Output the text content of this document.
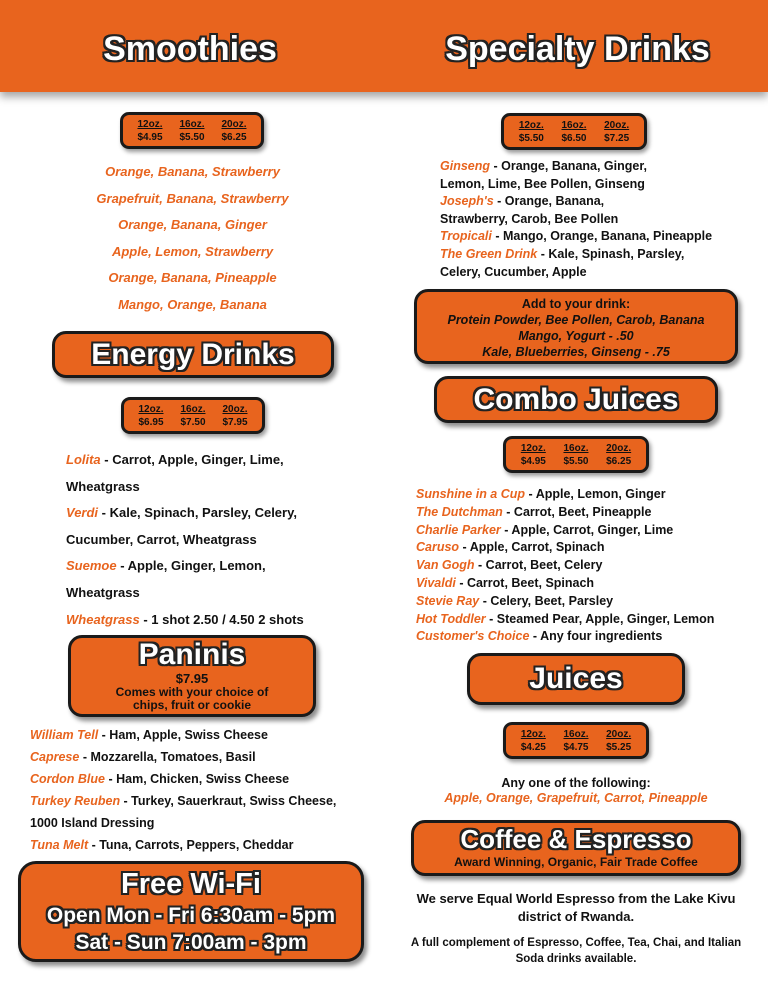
Smoothies	Specialty Drinks
12oz.
$4.95
16oz.
$5.50
20oz.
$6.25
Orange, Banana, Strawberry
Grapefruit, Banana, Strawberry
Orange, Banana, Ginger
Apple, Lemon, Strawberry
Orange, Banana, Pineapple
Mango, Orange, Banana
Energy Drinks
12oz.
$6.95
16oz.
$7.50
20oz.
$7.95
Lolita - Carrot, Apple, Ginger, Lime,
Wheatgrass
Verdi - Kale, Spinach, Parsley, Celery,
Cucumber, Carrot, Wheatgrass
Suemoe - Apple, Ginger, Lemon,
Wheatgrass
Wheatgrass - 1 shot 2.50 / 4.50 2 shots
Paninis
$7.95
Comes with your choice of
chips, fruit or cookie
William Tell - Ham, Apple, Swiss Cheese
Caprese - Mozzarella, Tomatoes, Basil
Cordon Blue - Ham, Chicken, Swiss Cheese
Turkey Reuben - Turkey, Sauerkraut, Swiss Cheese,
1000 Island Dressing
Tuna Melt - Tuna, Carrots, Peppers, Cheddar
Free Wi-Fi
Open Mon - Fri 6:30am - 5pm
Sat - Sun 7:00am - 3pm
12oz.
$5.50
16oz.
$6.50
20oz.
$7.25
Ginseng - Orange, Banana, Ginger,
Lemon, Lime, Bee Pollen, Ginseng
Joseph's - Orange, Banana,
Strawberry, Carob, Bee Pollen
Tropicali - Mango, Orange, Banana, Pineapple
The Green Drink - Kale, Spinash, Parsley,
Celery, Cucumber, Apple
Add to your drink:
Protein Powder, Bee Pollen, Carob, Banana
Mango, Yogurt - .50
Kale, Blueberries, Ginseng - .75
Combo Juices
12oz.
$4.95
16oz.
$5.50
20oz.
$6.25
Sunshine in a Cup - Apple, Lemon, Ginger
The Dutchman - Carrot, Beet, Pineapple
Charlie Parker - Apple, Carrot, Ginger, Lime
Caruso - Apple, Carrot, Spinach
Van Gogh - Carrot, Beet, Celery
Vivaldi - Carrot, Beet, Spinach
Stevie Ray - Celery, Beet, Parsley
Hot Toddler - Steamed Pear, Apple, Ginger, Lemon
Customer's Choice - Any four ingredients
Juices
12oz.
$4.25
16oz.
$4.75
20oz.
$5.25
Any one of the following:
Apple, Orange, Grapefruit, Carrot, Pineapple
Coffee & Espresso
Award Winning, Organic, Fair Trade Coffee
We serve Equal World Espresso from the Lake Kivu district of Rwanda.
A full complement of Espresso, Coffee, Tea, Chai, and Italian Soda drinks available.
